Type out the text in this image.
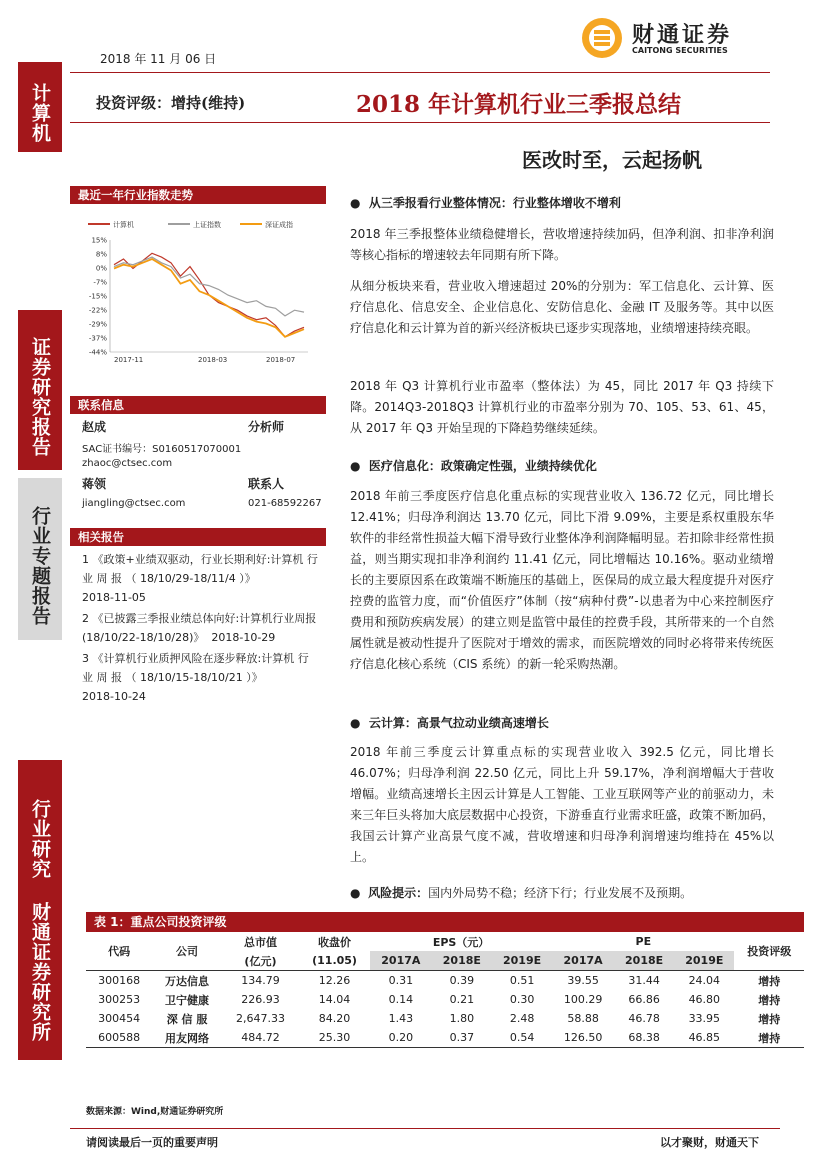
计算机
证券研究报告
行业专题报告
行业研究 财通证券研究所
2018 年 11 月 06 日
财通证券
CAITONG SECURITIES
投资评级：增持(维持)	2018 年计算机行业三季报总结
医改时至，云起扬帆
最近一年行业指数走势
计算机	上证指数	深证成指
15%
8%
0%
-7%
-15%
-22%
-29%
-37%
-44%
2017-11	2018-03	2018-07
联系信息
赵成	分析师
SAC证书编号：S0160517070001
zhaoc@ctsec.com
蒋领	联系人
jiangling@ctsec.com	021-68592267
相关报告
1 《政策+业绩双驱动，行业长期利好:计算机 行 业 周 报 （ 18/10/29-18/11/4 ）》
2018-11-05
2 《已披露三季报业绩总体向好:计算机行业周报(18/10/22-18/10/28)》 2018-10-29
3 《计算机行业质押风险在逐步释放:计算机 行 业 周 报 （ 18/10/15-18/10/21 ）》
2018-10-24
●  从三季报看行业整体情况：行业整体增收不增利
2018 年三季报整体业绩稳健增长，营收增速持续加码，但净利润、扣非净利润等核心指标的增速较去年同期有所下降。
从细分板块来看，营业收入增速超过 20%的分别为：军工信息化、云计算、医疗信息化、信息安全、企业信息化、安防信息化、金融 IT 及服务等。其中以医疗信息化和云计算为首的新兴经济板块已逐步实现落地，业绩增速持续亮眼。
2018 年 Q3 计算机行业市盈率（整体法）为 45，同比 2017 年 Q3 持续下降。2014Q3-2018Q3 计算机行业的市盈率分别为 70、105、53、61、45，从 2017 年 Q3 开始呈现的下降趋势继续延续。
●  医疗信息化：政策确定性强，业绩持续优化
2018 年前三季度医疗信息化重点标的实现营业收入 136.72 亿元，同比增长 12.41%；归母净利润达 13.70 亿元，同比下滑 9.09%，主要是系权重股东华软件的非经常性损益大幅下滑导致行业整体净利润降幅明显。若扣除非经常性损益，则当期实现扣非净利润约 11.41 亿元，同比增幅达 10.16%。驱动业绩增长的主要原因系在政策端不断施压的基础上，医保局的成立最大程度提升对医疗控费的监管力度，而“价值医疗”体制（按“病种付费”-以患者为中心来控制医疗费用和预防疾病发展）的建立则是监管中最佳的控费手段，其所带来的一个自然属性就是被动性提升了医院对于增效的需求，而医院增效的同时必将带来传统医疗信息化核心系统（CIS 系统）的新一轮采购热潮。
●  云计算：高景气拉动业绩高速增长
2018 年前三季度云计算重点标的实现营业收入 392.5 亿元，同比增长 46.07%；归母净利润 22.50 亿元，同比上升 59.17%，净利润增幅大于营收增幅。业绩高速增长主因云计算是人工智能、工业互联网等产业的前驱动力，未来三年巨头将加大底层数据中心投资，下游垂直行业需求旺盛，政策不断加码，我国云计算产业高景气度不减，营收增速和归母净利润增速均维持在 45%以上。
●  风险提示：国内外局势不稳；经济下行；行业发展不及预期。
表 1：重点公司投资评级
代码	公司	总市值	收盘价	EPS（元）			PE			投资评级
		(亿元)	(11.05)	2017A	2018E	2019E	2017A	2018E	2019E	
300168	万达信息	134.79	12.26	0.31	0.39	0.51	39.55	31.44	24.04	增持
300253	卫宁健康	226.93	14.04	0.14	0.21	0.30	100.29	66.86	46.80	增持
300454	深 信 服	2,647.33	84.20	1.43	1.80	2.48	58.88	46.78	33.95	增持
600588	用友网络	484.72	25.30	0.20	0.37	0.54	126.50	68.38	46.85	增持
数据来源：Wind,财通证券研究所
请阅读最后一页的重要声明	以才聚财，财通天下
